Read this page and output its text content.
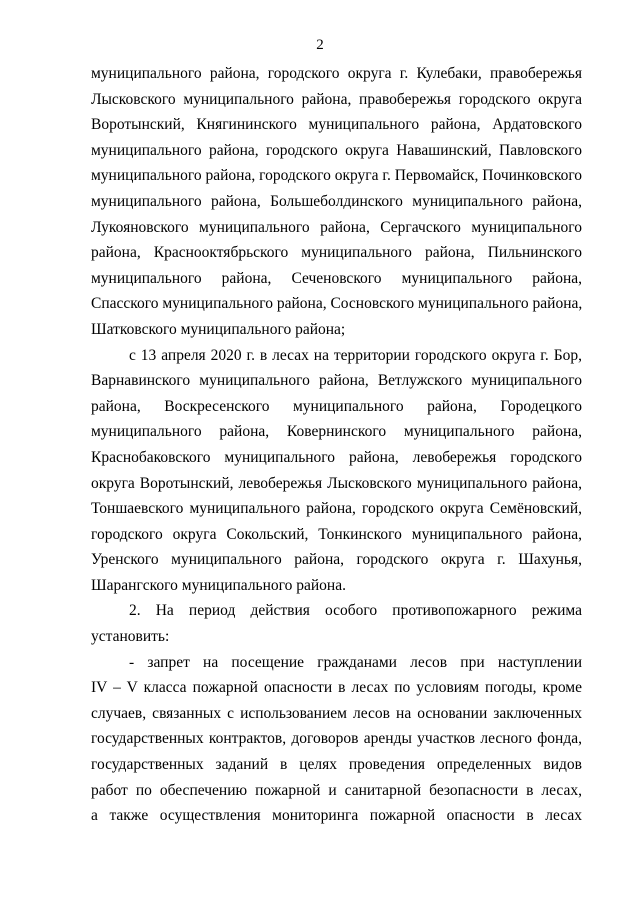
2
муниципального района, городского округа г. Кулебаки, правобережья
Лысковского муниципального района, правобережья городского округа
Воротынский, Княгининского муниципального района, Ардатовского
муниципального района, городского округа Навашинский, Павловского
муниципального района, городского округа г. Первомайск, Починковского
муниципального района, Большеболдинского муниципального района,
Лукояновского муниципального района, Сергачского муниципального
района, Краснооктябрьского муниципального района, Пильнинского
муниципального района, Сеченовского муниципального района,
Спасского муниципального района, Сосновского муниципального района,
Шатковского муниципального района;
с 13 апреля 2020 г. в лесах на территории городского округа г. Бор,
Варнавинского муниципального района, Ветлужского муниципального
района, Воскресенского муниципального района, Городецкого
муниципального района, Ковернинского муниципального района,
Краснобаковского муниципального района, левобережья городского
округа Воротынский, левобережья Лысковского муниципального района,
Тоншаевского муниципального района, городского округа Семёновский,
городского округа Сокольский, Тонкинского муниципального района,
Уренского муниципального района, городского округа г. Шахунья,
Шарангского муниципального района.
2. На период действия особого противопожарного режима
установить:
- запрет на посещение гражданами лесов при наступлении
IV – V класса пожарной опасности в лесах по условиям погоды, кроме
случаев, связанных с использованием лесов на основании заключенных
государственных контрактов, договоров аренды участков лесного фонда,
государственных заданий в целях проведения определенных видов
работ по обеспечению пожарной и санитарной безопасности в лесах,
а также осуществления мониторинга пожарной опасности в лесах
